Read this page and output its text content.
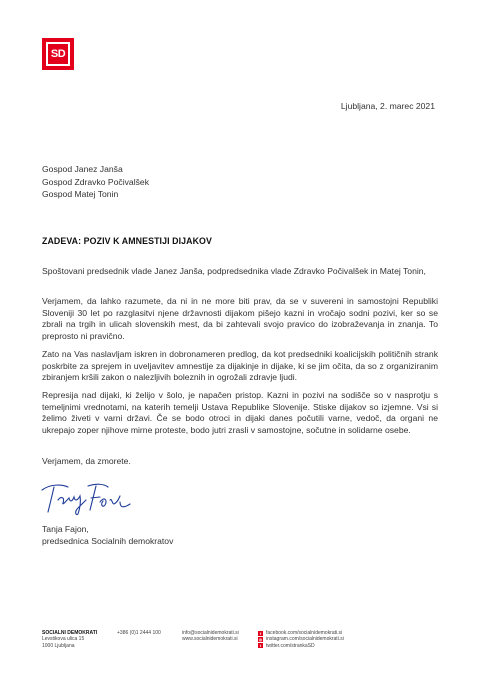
SD
Ljubljana, 2. marec 2021
Gospod Janez Janša
Gospod Zdravko Počivalšek
Gospod Matej Tonin
ZADEVA: POZIV K AMNESTIJI DIJAKOV

Spoštovani predsednik vlade Janez Janša, podpredsednika vlade Zdravko Počivalšek in Matej Tonin,

Verjamem, da lahko razumete, da ni in ne more biti prav, da se v suvereni in samostojni Republiki Sloveniji 30 let po razglasitvi njene državnosti dijakom pišejo kazni in vročajo sodni pozivi, ker so se zbrali na trgih in ulicah slovenskih mest, da bi zahtevali svojo pravico do izobraževanja in znanja. To preprosto ni pravično.

Zato na Vas naslavljam iskren in dobronameren predlog, da kot predsedniki koalicijskih političnih strank poskrbite za sprejem in uveljavitev amnestije za dijakinje in dijake, ki se jim očita, da so z organiziranim zbiranjem kršili zakon o nalezljivih boleznih in ogrožali zdravje ljudi.

Represija nad dijaki, ki želijo v šolo, je napačen pristop. Kazni in pozivi na sodišče so v nasprotju s temeljnimi vrednotami, na katerih temelji Ustava Republike Slovenije. Stiske dijakov so izjemne. Vsi si želimo živeti v varni državi. Če se bodo otroci in dijaki danes počutili varne, vedoč, da organi ne ukrepajo zoper njihove mirne proteste, bodo jutri zrasli v samostojne, sočutne in solidarne osebe.

Verjamem, da zmorete.

Tanja Fajon,
predsednica Socialnih demokratov
SOCIALNI DEMOKRATI
Levstikova ulica 15
1000 Ljubljana
+386 (0)1 2444 100	info@socialnidemokrati.si
www.socialnidemokrati.si
f facebook.com/socialnidemokrati.si
◎ instagram.com/socialnidemokrati.si
t twitter.com/strankaSD
